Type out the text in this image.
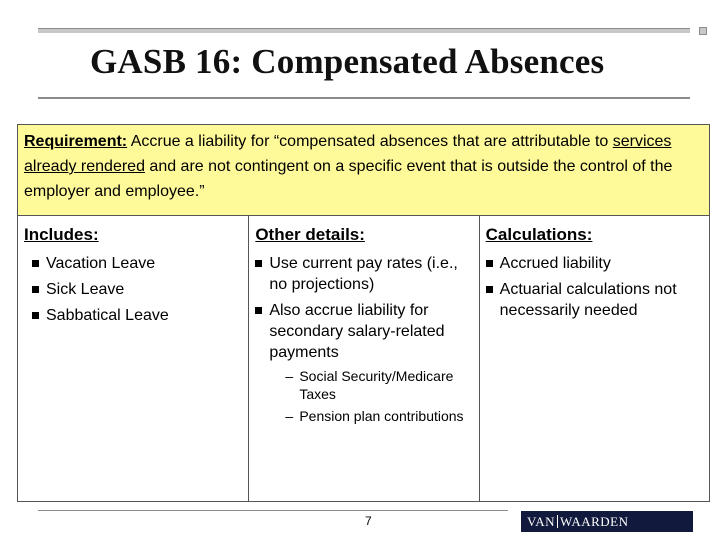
GASB 16: Compensated Absences
Requirement: Accrue a liability for “compensated absences that are attributable to services already rendered and are not contingent on a specific event that is outside the control of the employer and employee.”
Includes:
Vacation Leave
Sick Leave
Sabbatical Leave
Other details:
Use current pay rates (i.e., no projections)
Also accrue liability for secondary salary-related payments
– Social Security/Medicare Taxes
– Pension plan contributions
Calculations:
Accrued liability
Actuarial calculations not necessarily needed
7	VAN WAARDEN
